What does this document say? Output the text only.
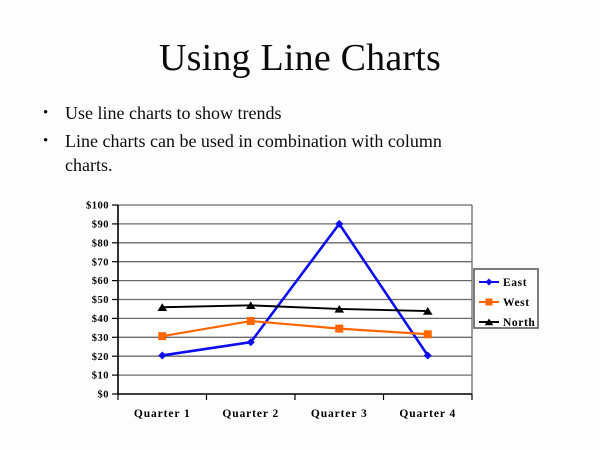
Using Line Charts
• Use line charts to show trends
• Line charts can be used in combination with column charts.
$0
$10
$20
$30
$40
$50
$60
$70
$80
$90
$100
Quarter 1	Quarter 2	Quarter 3	Quarter 4
East
West
North
